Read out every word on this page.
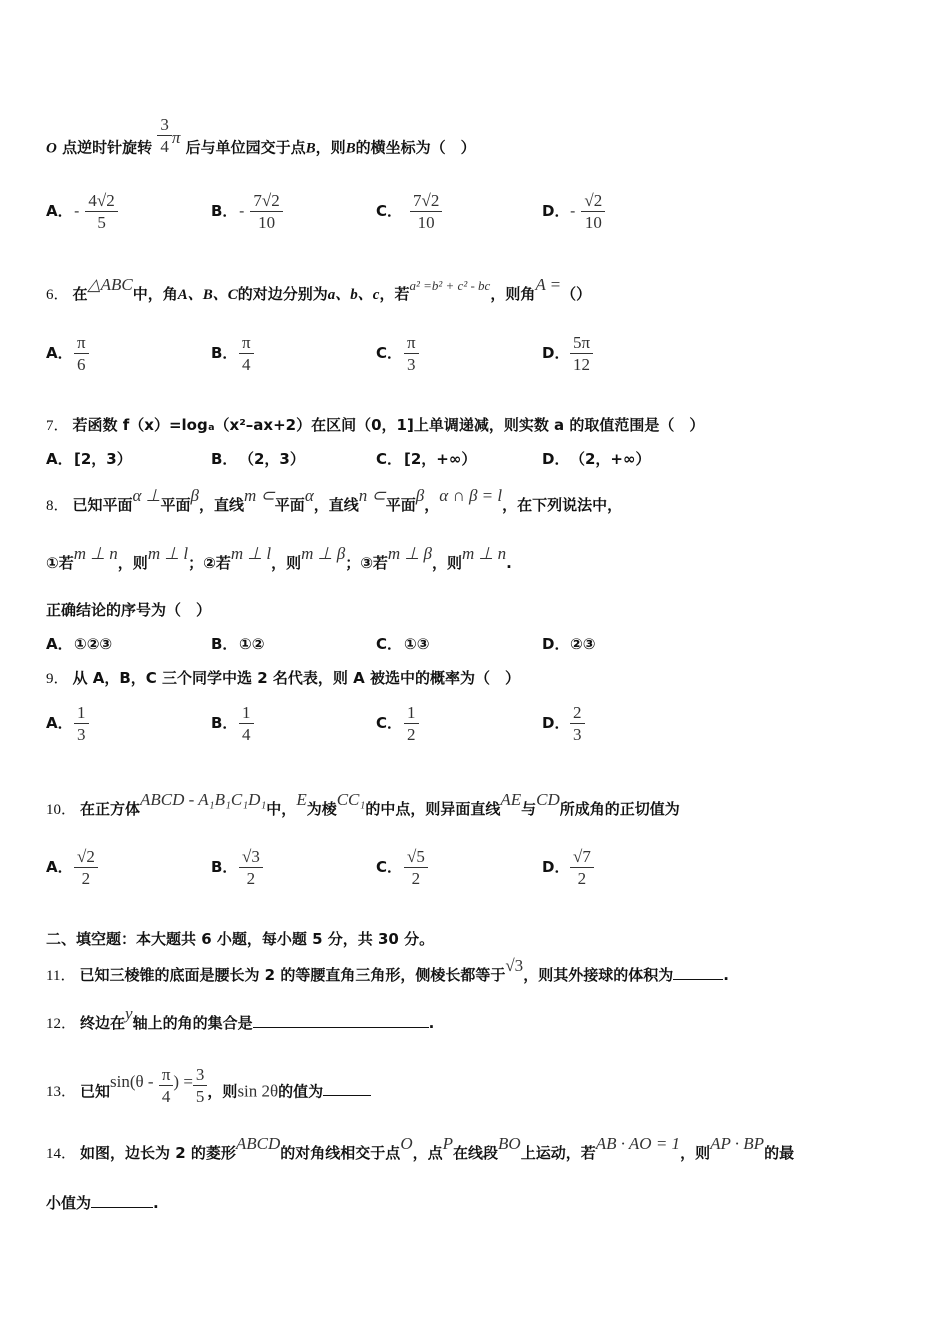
O 点逆时针旋转 $\frac{3}{4}$ π 后与单位园交于点B，则B的横坐标为（　）
A．- $\frac{4√2}{5}$	B． - $\frac{7√2}{10}$	C． $\frac{7√2}{10}$	D．- $\frac{√2}{10}$
6． 在△ABC中，角A、B、C的对边分别为a、b、c，若a² =b² + c² - bc，则角A =（）
A． $\frac{\pi}{6}$	B． $\frac{\pi}{4}$	C． $\frac{\pi}{3}$	D． $\frac{5\pi}{12}$
7． 若函数 f（x）=logₐ（x²–ax+2）在区间（0，1]上单调递减，则实数 a 的取值范围是（　）
A．[2，3）	B． （2，3）	C． [2，+∞）	D．（2，+∞）
8． 已知平面α ⊥平面β，直线m ⊂平面α，直线n ⊂平面β，α ∩ β = l，在下列说法中，
①若m ⊥ n，则m ⊥ l；②若m ⊥ l，则m ⊥ β；③若m ⊥ β，则m ⊥ n.
正确结论的序号为（　）
A．①②③	B． ①②	C． ①③	D．②③
9． 从 A，B，C 三个同学中选 2 名代表，则 A 被选中的概率为（　）
A． $\frac{1}{3}$	B． $\frac{1}{4}$	C． $\frac{1}{2}$	D． $\frac{2}{3}$
10． 在正方体ABCD - A₁B₁C₁D₁中，E为棱CC₁的中点，则异面直线AE与CD所成角的正切值为
A． $\frac{√2}{2}$	B． $\frac{√3}{2}$	C． $\frac{√5}{2}$	D． $\frac{√7}{2}$
二、填空题：本大题共 6 小题，每小题 5 分，共 30 分。
11． 已知三棱锥的底面是腰长为 2 的等腰直角三角形，侧棱长都等于√3，则其外接球的体积为	.
12． 终边在y轴上的角的集合是	.
13． 已知$\sin(\theta - \frac{\pi}{4}$ ) = $\frac{3}{5}$ ，则sin 2θ的值为
14． 如图，边长为 2 的菱形ABCD的对角线相交于点O，点P在线段BO上运动，若AB · AO = 1，则AP · BP的最
小值为	.
